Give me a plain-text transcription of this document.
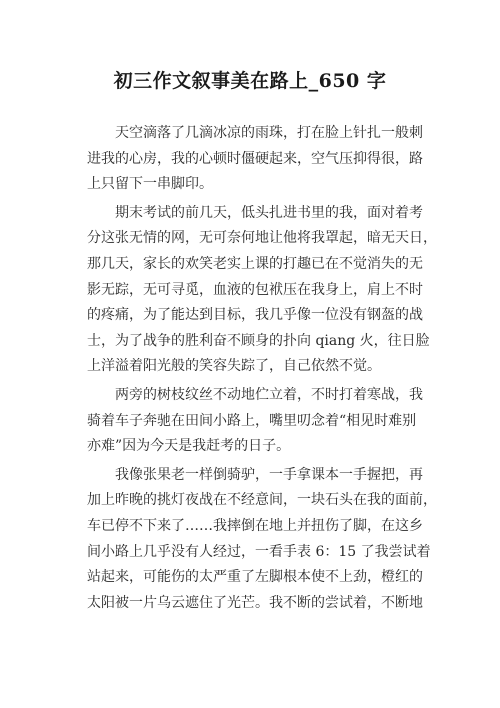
初三作文叙事美在路上_650 字
　　天空滴落了几滴冰凉的雨珠，打在脸上针扎一般刺
进我的心房，我的心顿时僵硬起来，空气压抑得很，路
上只留下一串脚印。
　　期末考试的前几天，低头扎进书里的我，面对着考
分这张无情的网，无可奈何地让他将我罩起，暗无天日，
那几天，家长的欢笑老实上课的打趣已在不觉消失的无
影无踪，无可寻觅，血液的包袱压在我身上，肩上不时
的疼痛，为了能达到目标，我几乎像一位没有钢盔的战
士，为了战争的胜利奋不顾身的扑向 qiang 火，往日脸
上洋溢着阳光般的笑容失踪了，自己依然不觉。
　　两旁的树枝纹丝不动地伫立着，不时打着寒战，我
骑着车子奔驰在田间小路上，嘴里叨念着“相见时难别
亦难”因为今天是我赶考的日子。
　　我像张果老一样倒骑驴，一手拿课本一手握把，再
加上昨晚的挑灯夜战在不经意间，一块石头在我的面前，
车已停不下来了……我摔倒在地上并扭伤了脚，在这乡
间小路上几乎没有人经过，一看手表 6：15 了我尝试着
站起来，可能伤的太严重了左脚根本使不上劲，橙红的
太阳被一片乌云遮住了光芒。我不断的尝试着，不断地
